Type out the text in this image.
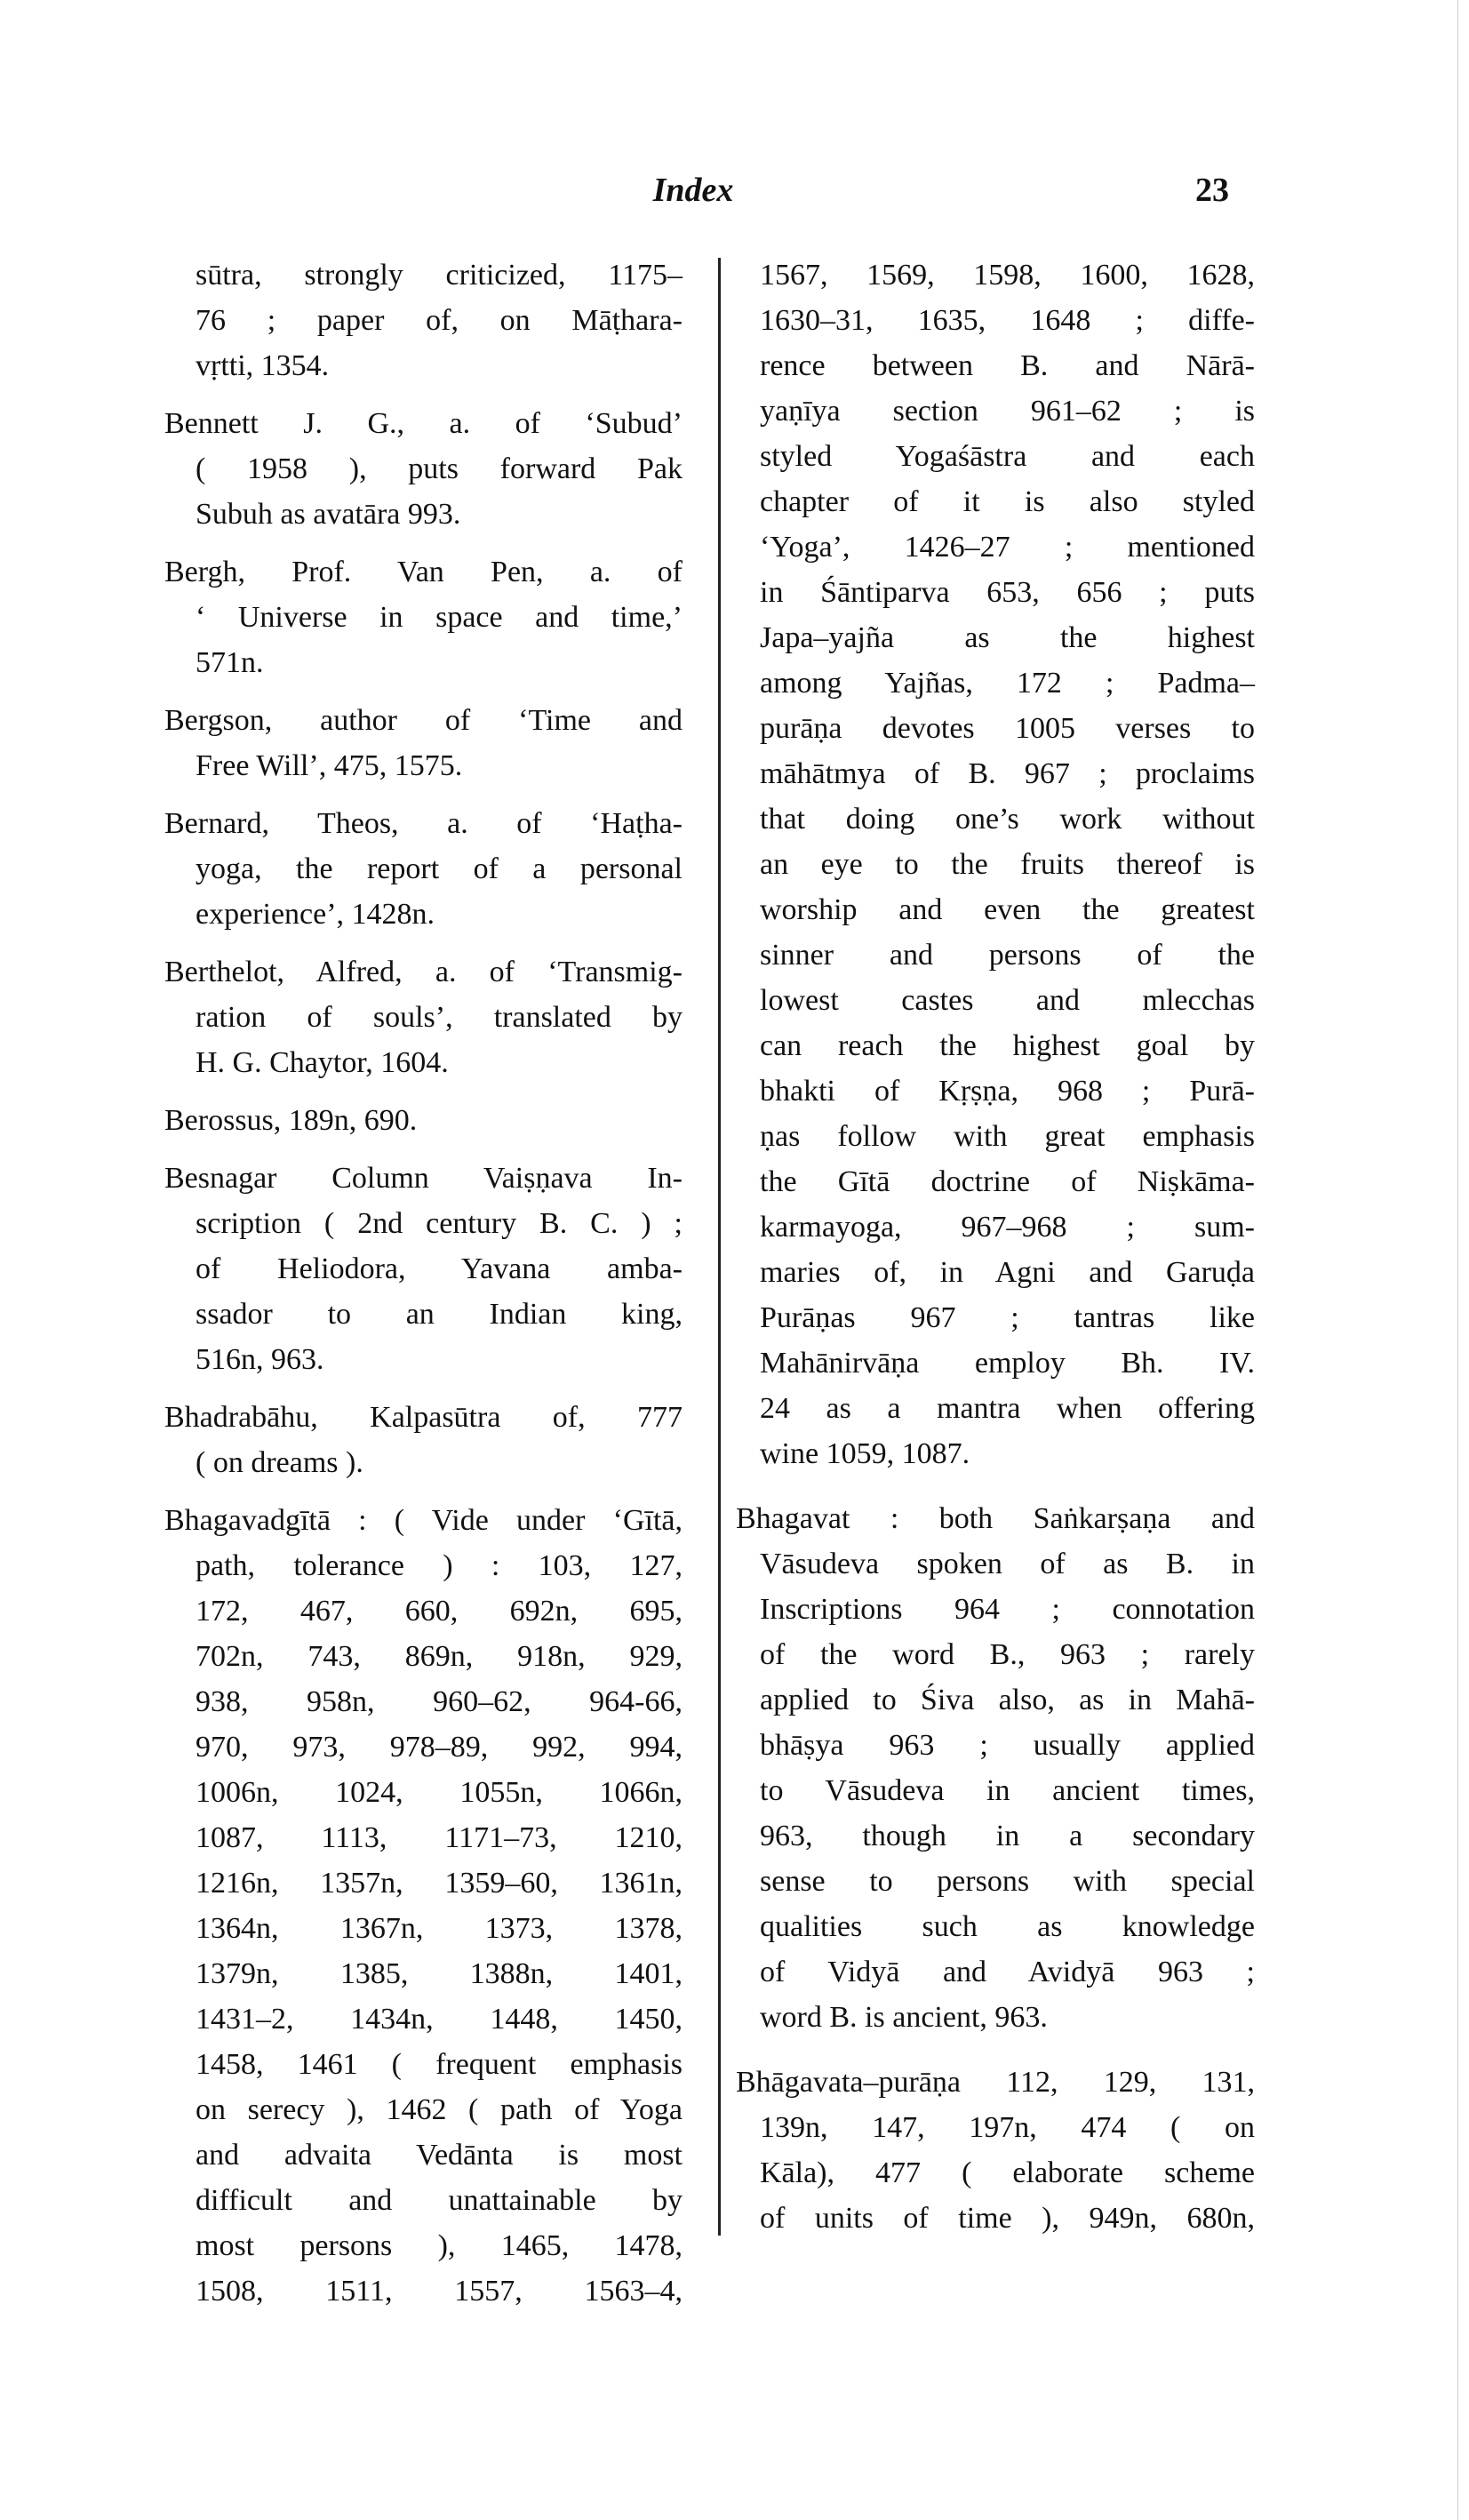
Index	23
sūtra, strongly criticized, 1175–
76 ; paper of, on Māṭhara-
vṛtti, 1354.
Bennett J. G., a. of ‘Subud’
( 1958 ), puts forward Pak
Subuh as avatāra 993.
Bergh, Prof. Van Pen, a. of
‘ Universe in space and time,’
571n.
Bergson, author of ‘Time and
Free Will’, 475, 1575.
Bernard, Theos, a. of ‘Haṭha-
yoga, the report of a personal
experience’, 1428n.
Berthelot, Alfred, a. of ‘Transmig-
ration of souls’, translated by
H. G. Chaytor, 1604.
Berossus, 189n, 690.
Besnagar Column Vaiṣṇava In-
scription ( 2nd century B. C. ) ;
of Heliodora, Yavana amba-
ssador to an Indian king,
516n, 963.
Bhadrabāhu, Kalpasūtra of, 777
( on dreams ).
Bhagavadgītā : ( Vide under ‘Gītā,
path, tolerance ) : 103, 127,
172, 467, 660, 692n, 695,
702n, 743, 869n, 918n, 929,
938, 958n, 960–62, 964-66,
970, 973, 978–89, 992, 994,
1006n, 1024, 1055n, 1066n,
1087, 1113, 1171–73, 1210,
1216n, 1357n, 1359–60, 1361n,
1364n, 1367n, 1373, 1378,
1379n, 1385, 1388n, 1401,
1431–2, 1434n, 1448, 1450,
1458, 1461 ( frequent emphasis
on serecy ), 1462 ( path of Yoga
and advaita Vedānta is most
difficult and unattainable by
most persons ), 1465, 1478,
1508, 1511, 1557, 1563–4,
1567, 1569, 1598, 1600, 1628,
1630–31, 1635, 1648 ; diffe-
rence between B. and Nārā-
yaṇīya section 961–62 ; is
styled Yogaśāstra and each
chapter of it is also styled
‘Yoga’, 1426–27 ; mentioned
in Śāntiparva 653, 656 ; puts
Japa–yajña as the highest
among Yajñas, 172 ; Padma–
purāṇa devotes 1005 verses to
māhātmya of B. 967 ; proclaims
that doing one’s work without
an eye to the fruits thereof is
worship and even the greatest
sinner and persons of the
lowest castes and mlecchas
can reach the highest goal by
bhakti of Kṛṣṇa, 968 ; Purā-
ṇas follow with great emphasis
the Gītā doctrine of Niṣkāma-
karmayoga, 967–968 ; sum-
maries of, in Agni and Garuḍa
Purāṇas 967 ; tantras like
Mahānirvāṇa employ Bh. IV.
24 as a mantra when offering
wine 1059, 1087.
Bhagavat : both Saṅkarṣaṇa and
Vāsudeva spoken of as B. in
Inscriptions 964 ; connotation
of the word B., 963 ; rarely
applied to Śiva also, as in Mahā-
bhāṣya 963 ; usually applied
to Vāsudeva in ancient times,
963, though in a secondary
sense to persons with special
qualities such as knowledge
of Vidyā and Avidyā 963 ;
word B. is ancient, 963.
Bhāgavata–purāṇa 112, 129, 131,
139n, 147, 197n, 474 ( on
Kāla), 477 ( elaborate scheme
of units of time ), 949n, 680n,
